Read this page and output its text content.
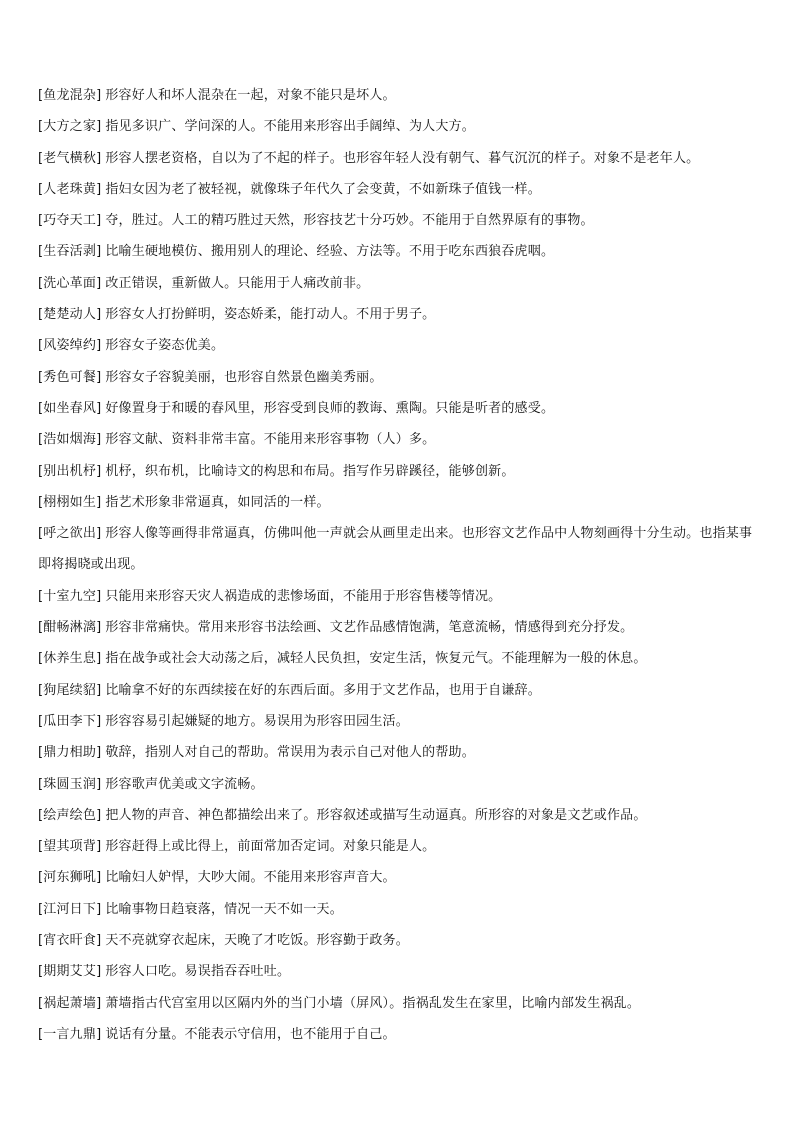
[鱼龙混杂] 形容好人和坏人混杂在一起，对象不能只是坏人。
[大方之家] 指见多识广、学问深的人。不能用来形容出手阔绰、为人大方。
[老气横秋] 形容人摆老资格，自以为了不起的样子。也形容年轻人没有朝气、暮气沉沉的样子。对象不是老年人。
[人老珠黄] 指妇女因为老了被轻视，就像珠子年代久了会变黄，不如新珠子值钱一样。
[巧夺天工] 夺，胜过。人工的精巧胜过天然，形容技艺十分巧妙。不能用于自然界原有的事物。
[生吞活剥] 比喻生硬地模仿、搬用别人的理论、经验、方法等。不用于吃东西狼吞虎咽。
[洗心革面] 改正错误，重新做人。只能用于人痛改前非。
[楚楚动人] 形容女人打扮鲜明，姿态娇柔，能打动人。不用于男子。
[风姿绰约] 形容女子姿态优美。
[秀色可餐] 形容女子容貌美丽，也形容自然景色幽美秀丽。
[如坐春风] 好像置身于和暖的春风里，形容受到良师的教诲、熏陶。只能是听者的感受。
[浩如烟海] 形容文献、资料非常丰富。不能用来形容事物（人）多。
[别出机杼] 机杼，织布机，比喻诗文的构思和布局。指写作另辟蹊径，能够创新。
[栩栩如生] 指艺术形象非常逼真，如同活的一样。
[呼之欲出] 形容人像等画得非常逼真，仿佛叫他一声就会从画里走出来。也形容文艺作品中人物刻画得十分生动。也指某事即将揭晓或出现。
[十室九空] 只能用来形容天灾人祸造成的悲惨场面，不能用于形容售楼等情况。
[酣畅淋漓] 形容非常痛快。常用来形容书法绘画、文艺作品感情饱满，笔意流畅，情感得到充分抒发。
[休养生息] 指在战争或社会大动荡之后，减轻人民负担，安定生活，恢复元气。不能理解为一般的休息。
[狗尾续貂] 比喻拿不好的东西续接在好的东西后面。多用于文艺作品，也用于自谦辞。
[瓜田李下] 形容容易引起嫌疑的地方。易误用为形容田园生活。
[鼎力相助] 敬辞，指别人对自己的帮助。常误用为表示自己对他人的帮助。
[珠圆玉润] 形容歌声优美或文字流畅。
[绘声绘色] 把人物的声音、神色都描绘出来了。形容叙述或描写生动逼真。所形容的对象是文艺或作品。
[望其项背] 形容赶得上或比得上，前面常加否定词。对象只能是人。
[河东狮吼] 比喻妇人妒悍，大吵大闹。不能用来形容声音大。
[江河日下] 比喻事物日趋衰落，情况一天不如一天。
[宵衣旰食] 天不亮就穿衣起床，天晚了才吃饭。形容勤于政务。
[期期艾艾] 形容人口吃。易误指吞吞吐吐。
[祸起萧墙] 萧墙指古代宫室用以区隔内外的当门小墙（屏风）。指祸乱发生在家里，比喻内部发生祸乱。
[一言九鼎] 说话有分量。不能表示守信用，也不能用于自己。
